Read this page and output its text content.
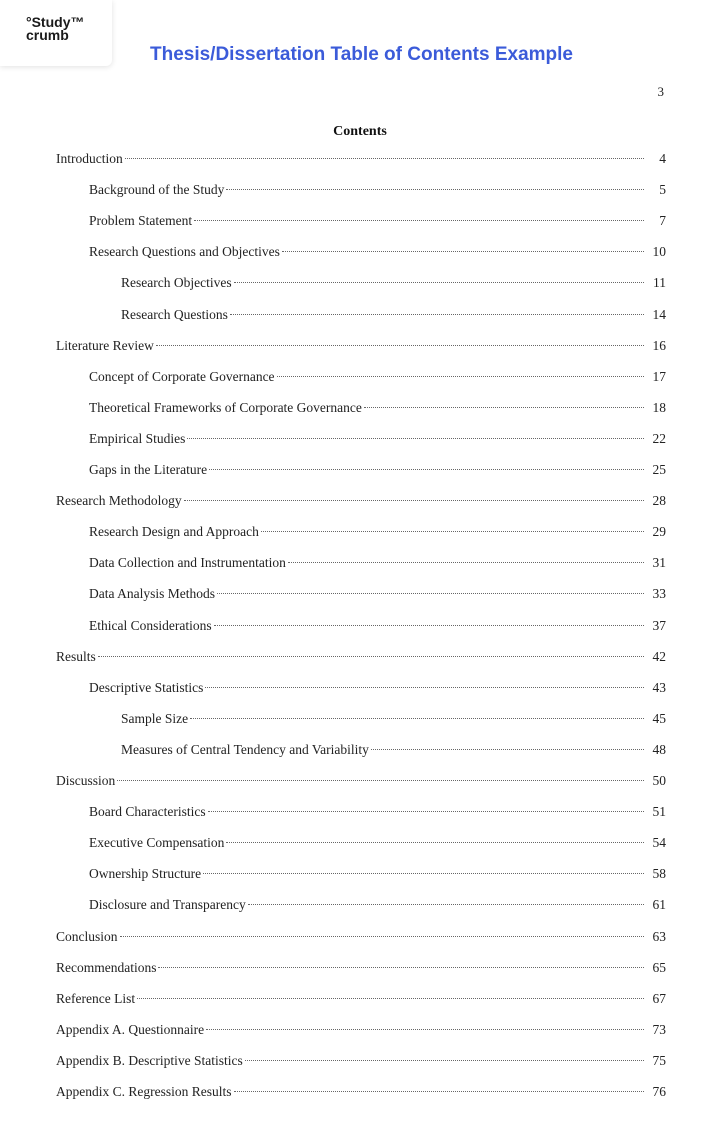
°Study™
crumb
Thesis/Dissertation Table of Contents Example
3
Contents
Introduction	4
Background of the Study	5
Problem Statement	7
Research Questions and Objectives	10
Research Objectives	11
Research Questions	14
Literature Review	16
Concept of Corporate Governance	17
Theoretical Frameworks of Corporate Governance	18
Empirical Studies	22
Gaps in the Literature	25
Research Methodology	28
Research Design and Approach	29
Data Collection and Instrumentation	31
Data Analysis Methods	33
Ethical Considerations	37
Results	42
Descriptive Statistics	43
Sample Size	45
Measures of Central Tendency and Variability	48
Discussion	50
Board Characteristics	51
Executive Compensation	54
Ownership Structure	58
Disclosure and Transparency	61
Conclusion	63
Recommendations	65
Reference List	67
Appendix A. Questionnaire	73
Appendix B. Descriptive Statistics	75
Appendix C. Regression Results	76
